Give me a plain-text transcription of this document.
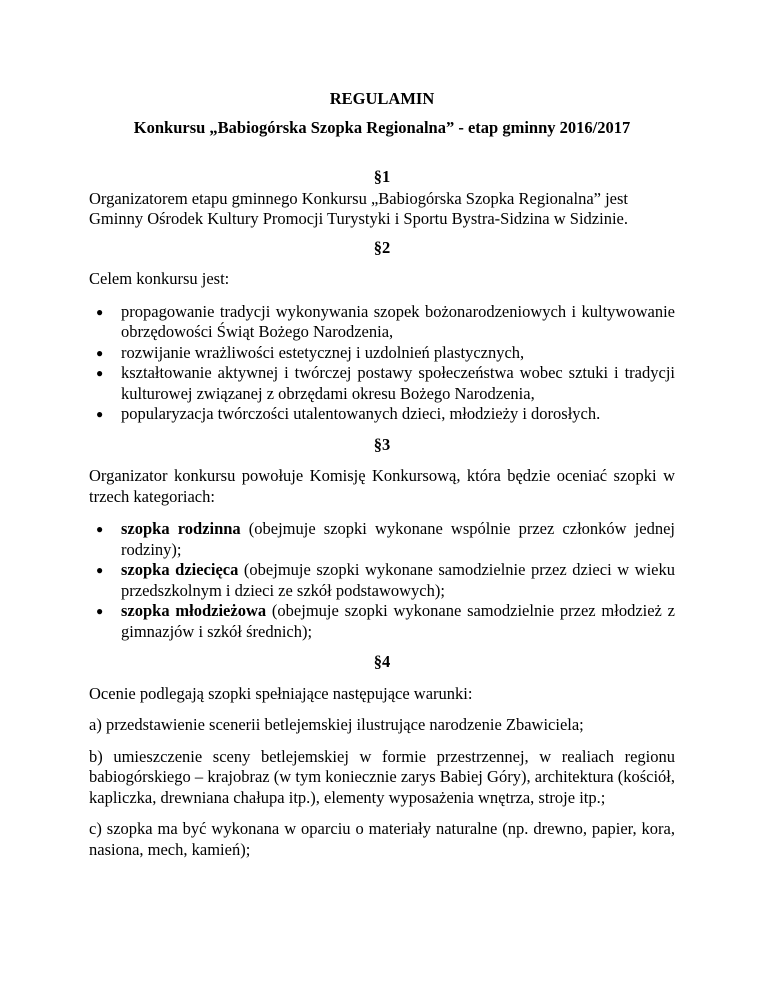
REGULAMIN

Konkursu „Babiogórska Szopka Regionalna” - etap gminny 2016/2017

§1

Organizatorem etapu gminnego Konkursu „Babiogórska Szopka Regionalna” jest Gminny Ośrodek Kultury Promocji Turystyki i Sportu Bystra-Sidzina w Sidzinie.

§2

Celem konkursu jest:

● propagowanie tradycji wykonywania szopek bożonarodzeniowych i kultywowanie obrzędowości Świąt Bożego Narodzenia,
● rozwijanie wrażliwości estetycznej i uzdolnień plastycznych,
● kształtowanie aktywnej i twórczej postawy społeczeństwa wobec sztuki i tradycji kulturowej związanej z obrzędami okresu Bożego Narodzenia,
● popularyzacja twórczości utalentowanych dzieci, młodzieży i dorosłych.

§3

Organizator konkursu powołuje Komisję Konkursową, która będzie oceniać szopki w trzech kategoriach:

● szopka rodzinna (obejmuje szopki wykonane wspólnie przez członków jednej rodziny);
● szopka dziecięca (obejmuje szopki wykonane samodzielnie przez dzieci w wieku przedszkolnym i dzieci ze szkół podstawowych);
● szopka młodzieżowa (obejmuje szopki wykonane samodzielnie przez młodzież z gimnazjów i szkół średnich);

§4

Ocenie podlegają szopki spełniające następujące warunki:

a) przedstawienie scenerii betlejemskiej ilustrujące narodzenie Zbawiciela;

b) umieszczenie sceny betlejemskiej w formie przestrzennej, w realiach regionu babiogórskiego – krajobraz (w tym koniecznie zarys Babiej Góry), architektura (kościół, kapliczka, drewniana chałupa itp.), elementy wyposażenia wnętrza, stroje itp.;

c) szopka ma być wykonana w oparciu o materiały naturalne (np. drewno, papier, kora, nasiona, mech, kamień);
